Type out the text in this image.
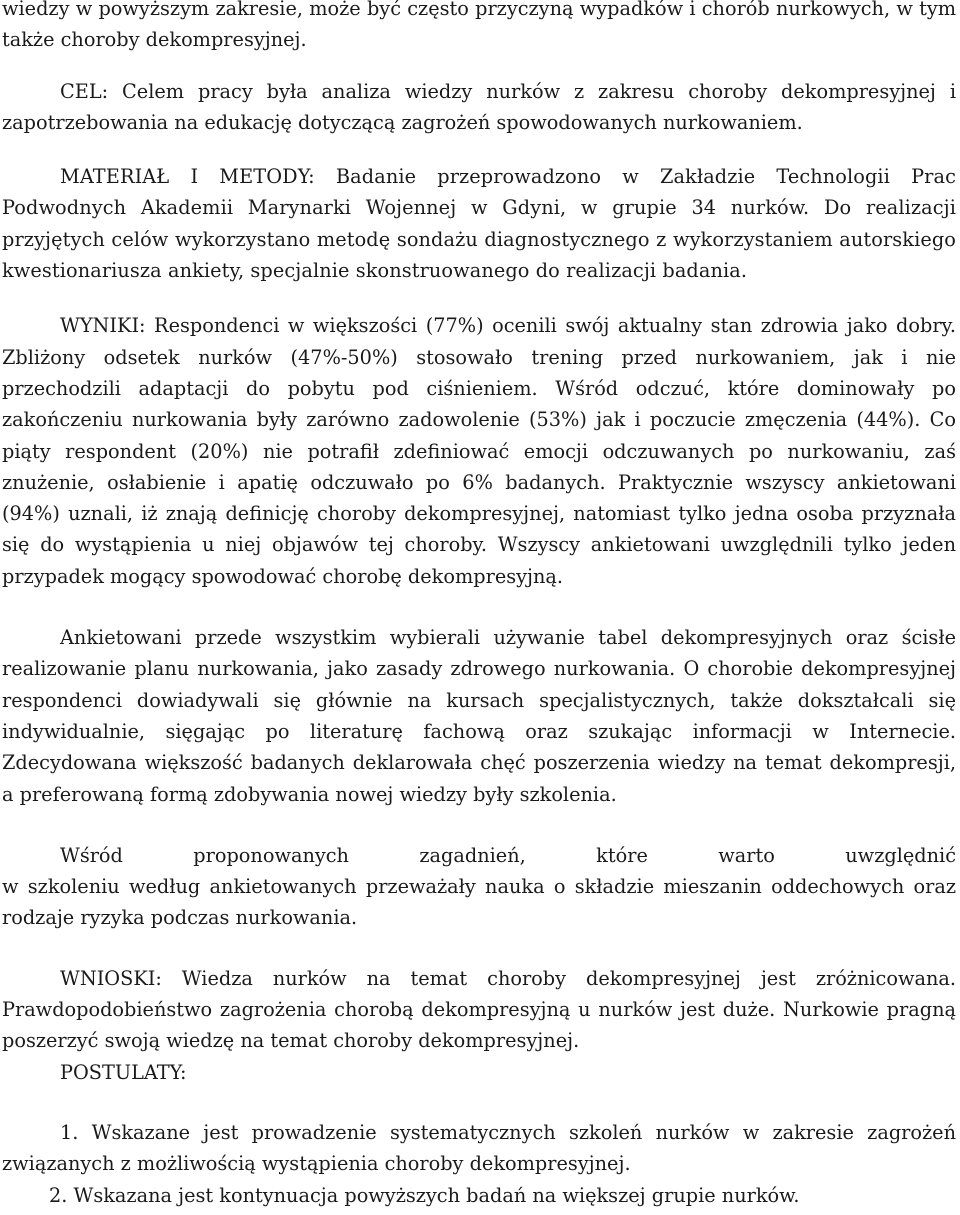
wiedzy w powyższym zakresie, może być często przyczyną wypadków i chorób nurkowych, w tym także choroby dekompresyjnej.

CEL: Celem pracy była analiza wiedzy nurków z zakresu choroby dekompresyjnej i zapotrzebowania na edukację dotyczącą zagrożeń spowodowanych nurkowaniem.

MATERIAŁ I METODY: Badanie przeprowadzono w Zakładzie Technologii Prac Podwodnych Akademii Marynarki Wojennej w Gdyni, w grupie 34 nurków. Do realizacji przyjętych celów wykorzystano metodę sondażu diagnostycznego z wykorzystaniem autorskiego kwestionariusza ankiety, specjalnie skonstruowanego do realizacji badania.

WYNIKI: Respondenci w większości (77%) ocenili swój aktualny stan zdrowia jako dobry. Zbliżony odsetek nurków (47%-50%) stosowało trening przed nurkowaniem, jak i nie przechodzili adaptacji do pobytu pod ciśnieniem. Wśród odczuć, które dominowały po zakończeniu nurkowania były zarówno zadowolenie (53%) jak i poczucie zmęczenia (44%). Co piąty respondent (20%) nie potrafił zdefiniować emocji odczuwanych po nurkowaniu, zaś znużenie, osłabienie i apatię odczuwało po 6% badanych. Praktycznie wszyscy ankietowani (94%) uznali, iż znają definicję choroby dekompresyjnej, natomiast tylko jedna osoba przyznała się do wystąpienia u niej objawów tej choroby. Wszyscy ankietowani uwzględnili tylko jeden przypadek mogący spowodować chorobę dekompresyjną.

Ankietowani przede wszystkim wybierali używanie tabel dekompresyjnych oraz ścisłe realizowanie planu nurkowania, jako zasady zdrowego nurkowania. O chorobie dekompresyjnej respondenci dowiadywali się głównie na kursach specjalistycznych, także dokształcali się indywidualnie, sięgając po literaturę fachową oraz szukając informacji w Internecie. Zdecydowana większość badanych deklarowała chęć poszerzenia wiedzy na temat dekompresji, a preferowaną formą zdobywania nowej wiedzy były szkolenia.

Wśród proponowanych zagadnień, które warto uwzględnić

w szkoleniu według ankietowanych przeważały nauka o składzie mieszanin oddechowych oraz rodzaje ryzyka podczas nurkowania.

WNIOSKI: Wiedza nurków na temat choroby dekompresyjnej jest zróżnicowana. Prawdopodobieństwo zagrożenia chorobą dekompresyjną u nurków jest duże. Nurkowie pragną poszerzyć swoją wiedzę na temat choroby dekompresyjnej.

POSTULATY:

1. Wskazane jest prowadzenie systematycznych szkoleń nurków w zakresie zagrożeń związanych z możliwością wystąpienia choroby dekompresyjnej.

2. Wskazana jest kontynuacja powyższych badań na większej grupie nurków.
